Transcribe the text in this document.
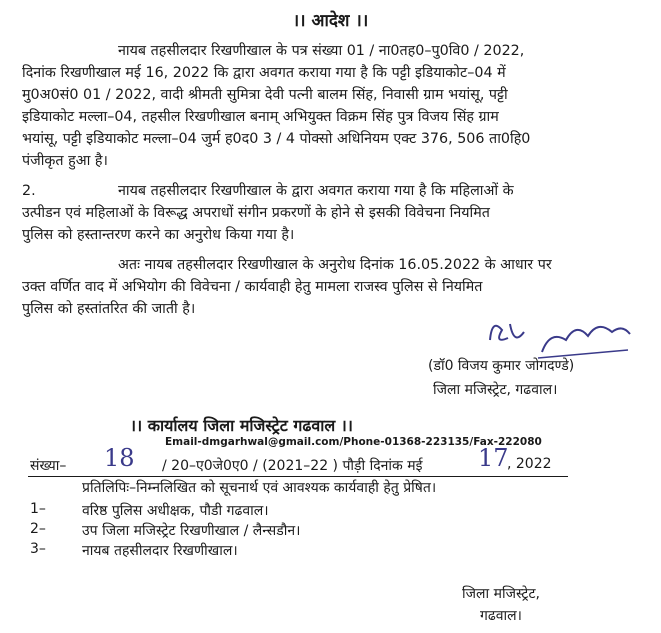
।। आदेश ।।
नायब तहसीलदार रिखणीखाल के पत्र संख्या 01 / ना0तह0–पु0वि0 / 2022,
दिनांक रिखणीखाल मई 16, 2022 कि द्वारा अवगत कराया गया है कि पट्टी इडियाकोट–04 में
मु0अ0सं0 01 / 2022, वादी श्रीमती सुमित्रा देवी पत्नी बालम सिंह, निवासी ग्राम भयांसू, पट्टी
इडियाकोट मल्ला–04, तहसील रिखणीखाल बनाम् अभियुक्त विक्रम सिंह पुत्र विजय सिंह ग्राम
भयांसू, पट्टी इडियाकोट मल्ला–04 जुर्म ह0द0 3 / 4 पोक्सो अधिनियम एक्ट 376, 506 ता0हि0
पंजीकृत हुआ है।
2.	नायब तहसीलदार रिखणीखाल के द्वारा अवगत कराया गया है कि महिलाओं के
उत्पीडन एवं महिलाओं के विरूद्ध अपराधों संगीन प्रकरणों के होने से इसकी विवेचना नियमित
पुलिस को हस्तान्तरण करने का अनुरोध किया गया है।
अतः नायब तहसीलदार रिखणीखाल के अनुरोध दिनांक 16.05.2022 के आधार पर
उक्त वर्णित वाद में अभियोग की विवेचना / कार्यवाही हेतु मामला राजस्व पुलिस से नियमित
पुलिस को हस्तांतरित की जाती है।
(डॉ0 विजय कुमार जोगदण्डे)
जिला मजिस्ट्रेट, गढवाल।
।। कार्यालय जिला मजिस्ट्रेट गढवाल ।।
Email-dmgarhwal@gmail.com/Phone-01368-223135/Fax-222080
संख्या– 18 / 20–ए0जे0ए0 / (2021–22 ) पौड़ी दिनांक मई 17
, 2022
प्रतिलिपिः–निम्नलिखित को सूचनार्थ एवं आवश्यक कार्यवाही हेतु प्रेषित।
1–	वरिष्ठ पुलिस अधीक्षक, पौडी गढवाल।
2–	उप जिला मजिस्ट्रेट रिखणीखाल / लैन्सडौन।
3–	नायब तहसीलदार रिखणीखाल।
जिला मजिस्ट्रेट,
गढवाल।
